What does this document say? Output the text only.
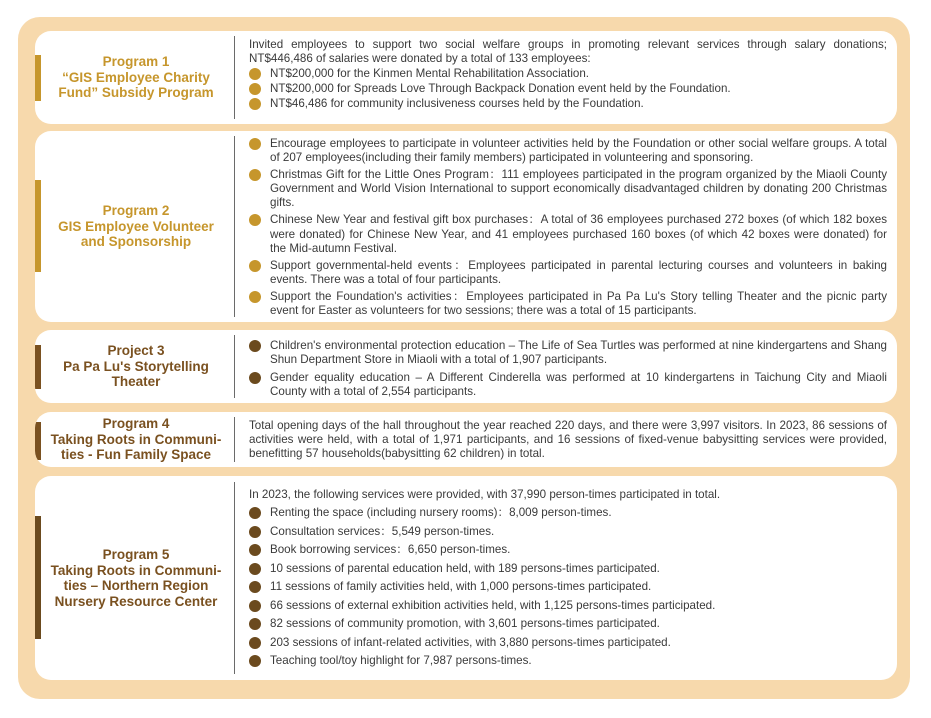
Program 1
“GIS Employee Charity
Fund” Subsidy Program

Invited employees to support two social welfare groups in promoting relevant services through salary donations; NT$446,486 of salaries were donated by a total of 133 employees:

NT$200,000 for the Kinmen Mental Rehabilitation Association.
NT$200,000 for Spreads Love Through Backpack Donation event held by the Foundation.
NT$46,486 for community inclusiveness courses held by the Foundation.
Program 2
GIS Employee Volunteer
and Sponsorship
Encourage employees to participate in volunteer activities held by the Foundation or other social welfare groups. A total of 207 employees(including their family members) participated in volunteering and sponsoring.
Christmas Gift for the Little Ones Program：111 employees participated in the program organized by the Miaoli County Government and World Vision International to support economically disadvantaged children by donating 200 Christmas gifts.
Chinese New Year and festival gift box purchases：A total of 36 employees purchased 272 boxes (of which 182 boxes were donated) for Chinese New Year, and 41 employees purchased 160 boxes (of which 42 boxes were donated) for the Mid-autumn Festival.
Support governmental-held events：Employees participated in parental lecturing courses and volunteers in baking events. There was a total of four participants.
Support the Foundation's activities：Employees participated in Pa Pa Lu's Story telling Theater and the picnic party event for Easter as volunteers for two sessions; there was a total of 15 participants.
Project 3
Pa Pa Lu's Storytelling
Theater
Children's environmental protection education – The Life of Sea Turtles was performed at nine kindergartens and Shang Shun Department Store in Miaoli with a total of 1,907 participants.
Gender equality education – A Different Cinderella was performed at 10 kindergartens in Taichung City and Miaoli County with a total of 2,554 participants.
Program 4
Taking Roots in Communi-
ties - Fun Family Space

Total opening days of the hall throughout the year reached 220 days, and there were 3,997 visitors. In 2023, 86 sessions of activities were held, with a total of 1,971 participants, and 16 sessions of fixed-venue babysitting services were provided, benefitting 57 households(babysitting 62 children) in total.

Program 5
Taking Roots in Communi-
ties – Northern Region
Nursery Resource Center

In 2023, the following services were provided, with 37,990 person-times participated in total.

Renting the space (including nursery rooms)：8,009 person-times.
Consultation services：5,549 person-times.
Book borrowing services：6,650 person-times.
10 sessions of parental education held, with 189 persons-times participated.
11 sessions of family activities held, with 1,000 persons-times participated.
66 sessions of external exhibition activities held, with 1,125 persons-times participated.
82 sessions of community promotion, with 3,601 persons-times participated.
203 sessions of infant-related activities, with 3,880 persons-times participated.
Teaching tool/toy highlight for 7,987 persons-times.
